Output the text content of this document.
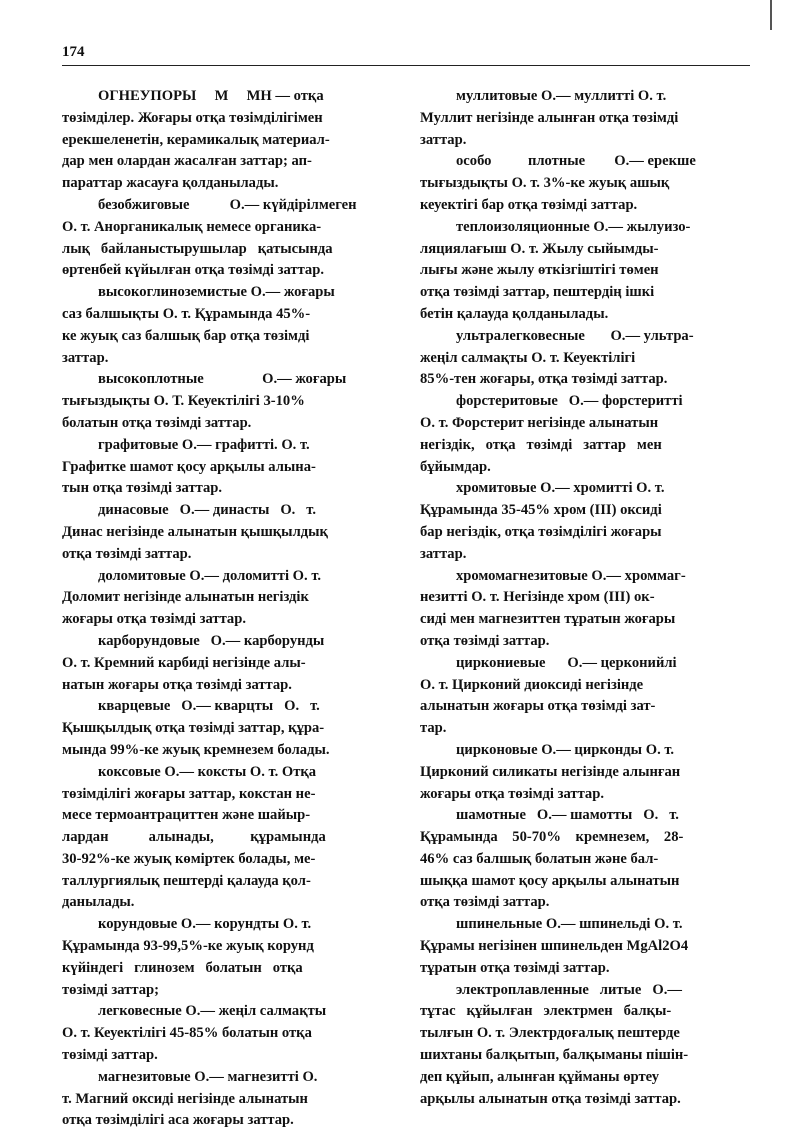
174
ОГНЕУПОРЫ     М     МН — отқа
төзімділер. Жоғары отқа төзімділігімен
ерекшеленетін, керамикалық материал-
дар мен олардан жасалған заттар; ап-
параттар жасауға қолданылады.
безобжиговые           О.— күйдірілмеген
О. т. Анорганикалық немесе органика-
лық   байланыстырушылар   қатысында
өртенбей күйылған отқа төзімді заттар.
высокоглиноземистые О.— жоғары
саз балшықты О. т. Құрамында 45%-
ке жуық саз балшық бар отқа төзімді
заттар.
высокоплотные                О.— жоғары
тығыздықты О. Т. Кеуектілігі 3-10%
болатын отқа төзімді заттар.
графитовые О.— графитті. О. т.
Графитке шамот қосу арқылы алына-
тын отқа төзімді заттар.
динасовые   О.— династы   О.   т.
Динас негізінде алынатын қышқылдық
отқа төзімді заттар.
доломитовые О.— доломитті О. т.
Доломит негізінде алынатын негіздік
жоғары отқа төзімді заттар.
карборундовые   О.— карборунды
О. т. Кремний карбиді негізінде алы-
натын жоғары отқа төзімді заттар.
кварцевые   О.— кварцты   О.   т.
Қышқылдық отқа төзімді заттар, құра-
мында 99%-ке жуық кремнезем болады.
коксовые О.— коксты О. т. Отқа
төзімділігі жоғары заттар, кокстан не-
месе термоантрациттен және шайыр-
лардан           алынады,          құрамында
30-92%-ке жуық көміртек болады, ме-
таллургиялық пештерді қалауда қол-
данылады.
корундовые О.— корундты О. т.
Құрамында 93-99,5%-ке жуық корунд
күйіндегі   глинозем   болатын   отқа
төзімді заттар;
легковесные О.— жеңіл салмақты
О. т. Кеуектілігі 45-85% болатын отқа
төзімді заттар.
магнезитовые О.— магнезитті О.
т. Магний оксиді негізінде алынатын
отқа төзімділігі аса жоғары заттар.
муллитовые О.— муллитті О. т.
Муллит негізінде алынған отқа төзімді
заттар.
особо          плотные        О.— ерекше
тығыздықты О. т. 3%-ке жуық ашық
кеуектігі бар отқа төзімді заттар.
теплоизоляционные О.— жылуизо-
ляциялағыш О. т. Жылу сыйымды-
лығы және жылу өткізгіштігі төмен
отқа төзімді заттар, пештердің ішкі
бетін қалауда қолданылады.
ультралегковесные       О.— ультра-
жеңіл салмақты О. т. Кеуектілігі
85%-тен жоғары, отқа төзімді заттар.
форстеритовые   О.— форстеритті
О. т. Форстерит негізінде алынатын
негіздік,   отқа   төзімді   заттар   мен
бұйымдар.
хромитовые О.— хромитті О. т.
Құрамында 35-45% хром (III) оксиді
бар негіздік, отқа төзімділігі жоғары
заттар.
хромомагнезитовые О.— хроммаг-
незитті О. т. Негізінде хром (III) ок-
сиді мен магнезиттен тұратын жоғары
отқа төзімді заттар.
циркониевые      О.— церконийлі
О. т. Цирконий диоксиді негізінде
алынатын жоғары отқа төзімді зат-
тар.
цирконовые О.— цирконды О. т.
Цирконий силикаты негізінде алынған
жоғары отқа төзімді заттар.
шамотные   О.— шамотты   О.   т.
Құрамында    50-70%    кремнезем,    28-
46% саз балшық болатын және бал-
шыққа шамот қосу арқылы алынатын
отқа төзімді заттар.
шпинельные О.— шпинельді О. т.
Құрамы негізінен шпинельден MgAl2O4
тұратын отқа төзімді заттар.
электроплавленные   литые   О.—
тұтас   құйылған   электрмен   балқы-
тылғын О. т. Электрдоғалық пештерде
шихтаны балқытып, балқыманы пішін-
деп құйып, алынған құйманы өртеу
арқылы алынатын отқа төзімді заттар.
